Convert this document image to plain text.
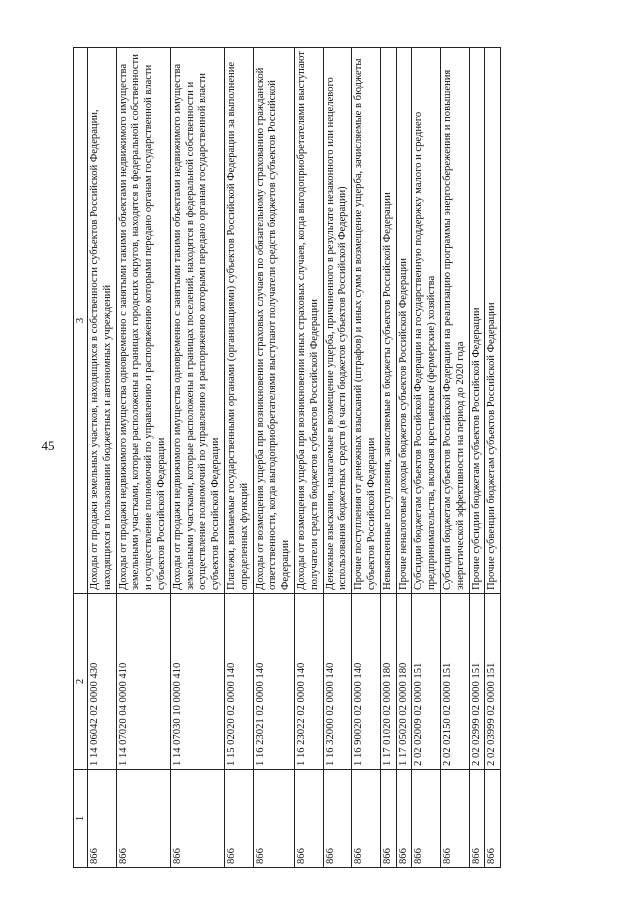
45
1	2	3
866	1 14 06042 02 0000 430	Доходы от продажи земельных участков, находящихся в собственности субъектов Российской Федерации, находящихся в пользовании бюджетных и автономных учреждений
866	1 14 07020 04 0000 410	Доходы от продажи недвижимого имущества одновременно с занятыми такими объектами недвижимого имущества земельными участками, которые расположены в границах городских округов, находятся в федеральной собственности и осуществление полномочий по управлению и распоряжению которыми передано органам государственной власти субъектов Российской Федерации
866	1 14 07030 10 0000 410	Доходы от продажи недвижимого имущества одновременно с занятыми такими объектами недвижимого имущества земельными участками, которые расположены в границах поселений, находятся в федеральной собственности и осуществление полномочий по управлению и распоряжению которыми передано органам государственной власти субъектов Российской Федерации
866	1 15 02020 02 0000 140	Платежи, взимаемые государственными органами (организациями) субъектов Российской Федерации за выполнение определенных функций
866	1 16 23021 02 0000 140	Доходы от возмещения ущерба при возникновении страховых случаев по обязательному страхованию гражданской ответственности, когда выгодоприобретателями выступают получатели средств бюджетов субъектов Российской Федерации
866	1 16 23022 02 0000 140	Доходы от возмещения ущерба при возникновении иных страховых случаев, когда выгодоприобретателями выступают получатели средств бюджетов субъектов Российской Федерации
866	1 16 32000 02 0000 140	Денежные взыскания, налагаемые в возмещение ущерба, причиненного в результате незаконного или нецелевого использования бюджетных средств (в части бюджетов субъектов Российской Федерации)
866	1 16 90020 02 0000 140	Прочие поступления от денежных взысканий (штрафов) и иных сумм в возмещение ущерба, зачисляемые в бюджеты субъектов Российской Федерации
866	1 17 01020 02 0000 180	Невыясненные поступления, зачисляемые в бюджеты субъектов Российской Федерации
866	1 17 05020 02 0000 180	Прочие неналоговые доходы бюджетов субъектов Российской Федерации
866	2 02 02009 02 0000 151	Субсидии бюджетам субъектов Российской Федерации на государственную поддержку малого и среднего предпринимательства, включая крестьянские (фермерские) хозяйства
866	2 02 02150 02 0000 151	Субсидии бюджетам субъектов Российской Федерации на реализацию программы энергосбережения и повышения энергетической эффективности на период до 2020 года
866	2 02 02999 02 0000 151	Прочие субсидии бюджетам субъектов Российской Федерации
866	2 02 03999 02 0000 151	Прочие субвенции бюджетам субъектов Российской Федерации
